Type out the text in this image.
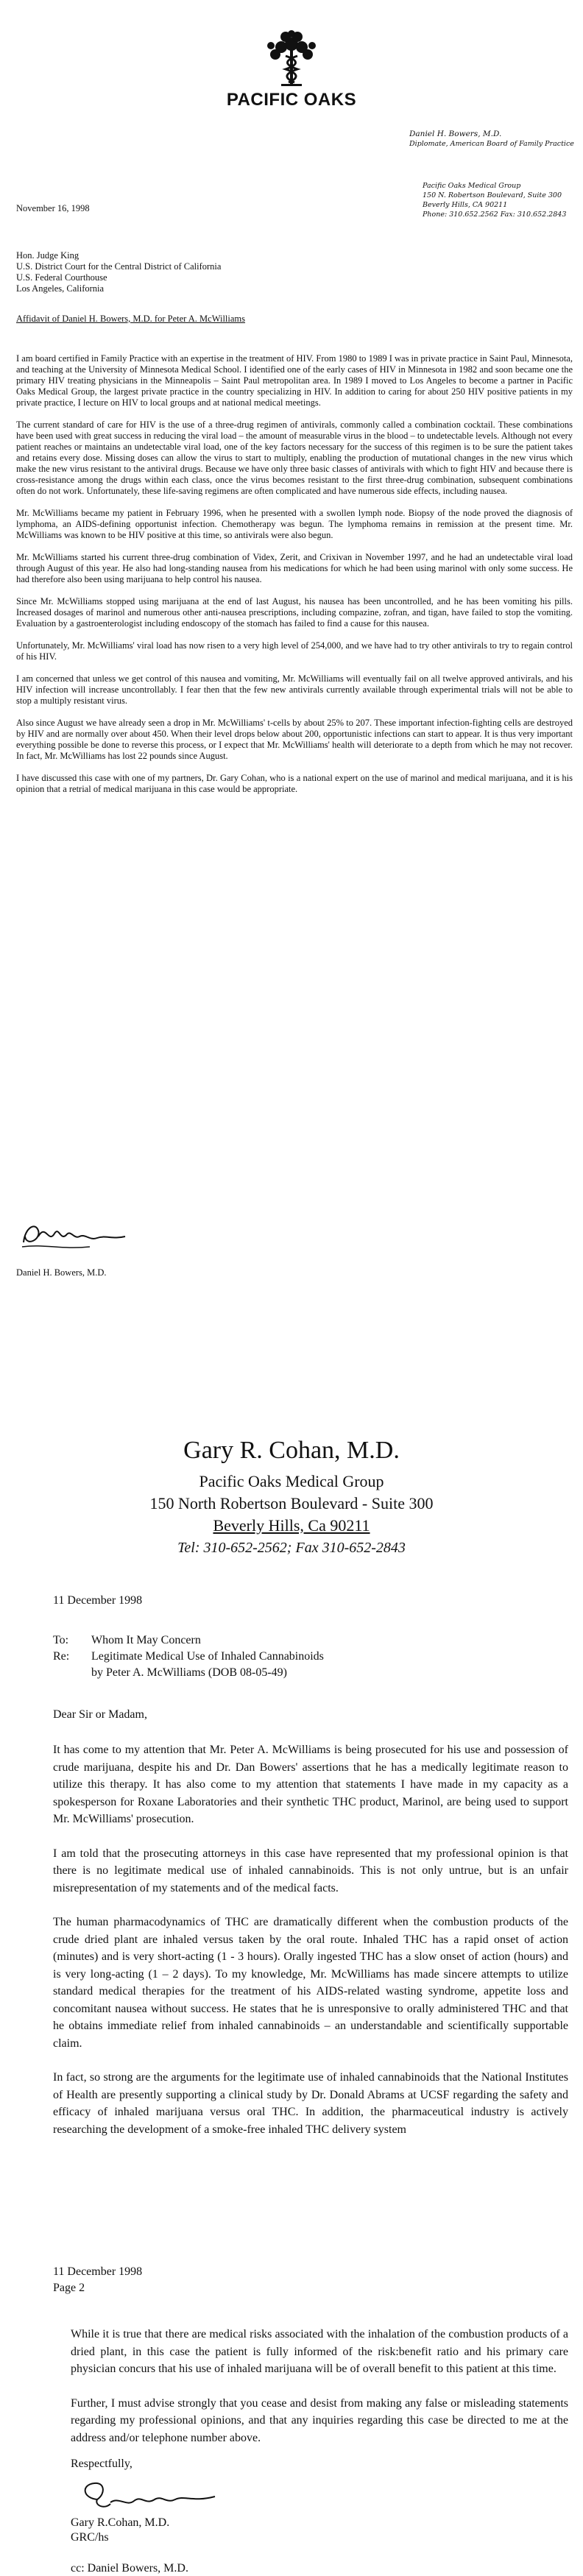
PACIFIC OAKS
Daniel H. Bowers, M.D.
Diplomate, American Board of Family Practice
Pacific Oaks Medical Group
150 N. Robertson Boulevard, Suite 300
Beverly Hills, CA 90211
Phone: 310.652.2562 Fax: 310.652.2843
November 16, 1998
Hon. Judge King
U.S. District Court for the Central District of California
U.S. Federal Courthouse
Los Angeles, California
Affidavit of Daniel H. Bowers, M.D. for Peter A. McWilliams

I am board certified in Family Practice with an expertise in the treatment of HIV. From 1980 to 1989 I was in private practice in Saint Paul, Minnesota, and teaching at the University of Minnesota Medical School. I identified one of the early cases of HIV in Minnesota in 1982 and soon became one the primary HIV treating physicians in the Minneapolis – Saint Paul metropolitan area. In 1989 I moved to Los Angeles to become a partner in Pacific Oaks Medical Group, the largest private practice in the country specializing in HIV. In addition to caring for about 250 HIV positive patients in my private practice, I lecture on HIV to local groups and at national medical meetings.

The current standard of care for HIV is the use of a three-drug regimen of antivirals, commonly called a combination cocktail. These combinations have been used with great success in reducing the viral load – the amount of measurable virus in the blood – to undetectable levels. Although not every patient reaches or maintains an undetectable viral load, one of the key factors necessary for the success of this regimen is to be sure the patient takes and retains every dose. Missing doses can allow the virus to start to multiply, enabling the production of mutational changes in the new virus which make the new virus resistant to the antiviral drugs. Because we have only three basic classes of antivirals with which to fight HIV and because there is cross-resistance among the drugs within each class, once the virus becomes resistant to the first three-drug combination, subsequent combinations often do not work. Unfortunately, these life-saving regimens are often complicated and have numerous side effects, including nausea.

Mr. McWilliams became my patient in February 1996, when he presented with a swollen lymph node. Biopsy of the node proved the diagnosis of lymphoma, an AIDS-defining opportunist infection. Chemotherapy was begun. The lymphoma remains in remission at the present time. Mr. McWilliams was known to be HIV positive at this time, so antivirals were also begun.

Mr. McWilliams started his current three-drug combination of Videx, Zerit, and Crixivan in November 1997, and he had an undetectable viral load through August of this year. He also had long-standing nausea from his medications for which he had been using marinol with only some success. He had therefore also been using marijuana to help control his nausea.

Since Mr. McWilliams stopped using marijuana at the end of last August, his nausea has been uncontrolled, and he has been vomiting his pills. Increased dosages of marinol and numerous other anti-nausea prescriptions, including compazine, zofran, and tigan, have failed to stop the vomiting. Evaluation by a gastroenterologist including endoscopy of the stomach has failed to find a cause for this nausea.

Unfortunately, Mr. McWilliams' viral load has now risen to a very high level of 254,000, and we have had to try other antivirals to try to regain control of his HIV.

I am concerned that unless we get control of this nausea and vomiting, Mr. McWilliams will eventually fail on all twelve approved antivirals, and his HIV infection will increase uncontrollably. I fear then that the few new antivirals currently available through experimental trials will not be able to stop a multiply resistant virus.

Also since August we have already seen a drop in Mr. McWilliams' t-cells by about 25% to 207. These important infection-fighting cells are destroyed by HIV and are normally over about 450. When their level drops below about 200, opportunistic infections can start to appear. It is thus very important everything possible be done to reverse this process, or I expect that Mr. McWilliams' health will deteriorate to a depth from which he may not recover. In fact, Mr. McWilliams has lost 22 pounds since August.

I have discussed this case with one of my partners, Dr. Gary Cohan, who is a national expert on the use of marinol and medical marijuana, and it is his opinion that a retrial of medical marijuana in this case would be appropriate.

Daniel H. Bowers, M.D.
Gary R. Cohan, M.D.
Pacific Oaks Medical Group
150 North Robertson Boulevard - Suite 300
Beverly Hills, Ca 90211
Tel: 310-652-2562; Fax 310-652-2843
11 December 1998
To: Whom It May Concern
Re: Legitimate Medical Use of Inhaled Cannabinoids
by Peter A. McWilliams (DOB 08-05-49)
Dear Sir or Madam,

It has come to my attention that Mr. Peter A. McWilliams is being prosecuted for his use and possession of crude marijuana, despite his and Dr. Dan Bowers' assertions that he has a medically legitimate reason to utilize this therapy. It has also come to my attention that statements I have made in my capacity as a spokesperson for Roxane Laboratories and their synthetic THC product, Marinol, are being used to support Mr. McWilliams' prosecution.

I am told that the prosecuting attorneys in this case have represented that my professional opinion is that there is no legitimate medical use of inhaled cannabinoids. This is not only untrue, but is an unfair misrepresentation of my statements and of the medical facts.

The human pharmacodynamics of THC are dramatically different when the combustion products of the crude dried plant are inhaled versus taken by the oral route. Inhaled THC has a rapid onset of action (minutes) and is very short-acting (1 - 3 hours). Orally ingested THC has a slow onset of action (hours) and is very long-acting (1 – 2 days). To my knowledge, Mr. McWilliams has made sincere attempts to utilize standard medical therapies for the treatment of his AIDS-related wasting syndrome, appetite loss and concomitant nausea without success. He states that he is unresponsive to orally administered THC and that he obtains immediate relief from inhaled cannabinoids – an understandable and scientifically supportable claim.

In fact, so strong are the arguments for the legitimate use of inhaled cannabinoids that the National Institutes of Health are presently supporting a clinical study by Dr. Donald Abrams at UCSF regarding the safety and efficacy of inhaled marijuana versus oral THC. In addition, the pharmaceutical industry is actively researching the development of a smoke-free inhaled THC delivery system

11 December 1998
Page 2

While it is true that there are medical risks associated with the inhalation of the combustion products of a dried plant, in this case the patient is fully informed of the risk:benefit ratio and his primary care physician concurs that his use of inhaled marijuana will be of overall benefit to this patient at this time.

Further, I must advise strongly that you cease and desist from making any false or misleading statements regarding my professional opinions, and that any inquiries regarding this case be directed to me at the address and/or telephone number above.

Respectfully,
Gary R.Cohan, M.D.
GRC/hs
cc: Daniel Bowers, M.D.
